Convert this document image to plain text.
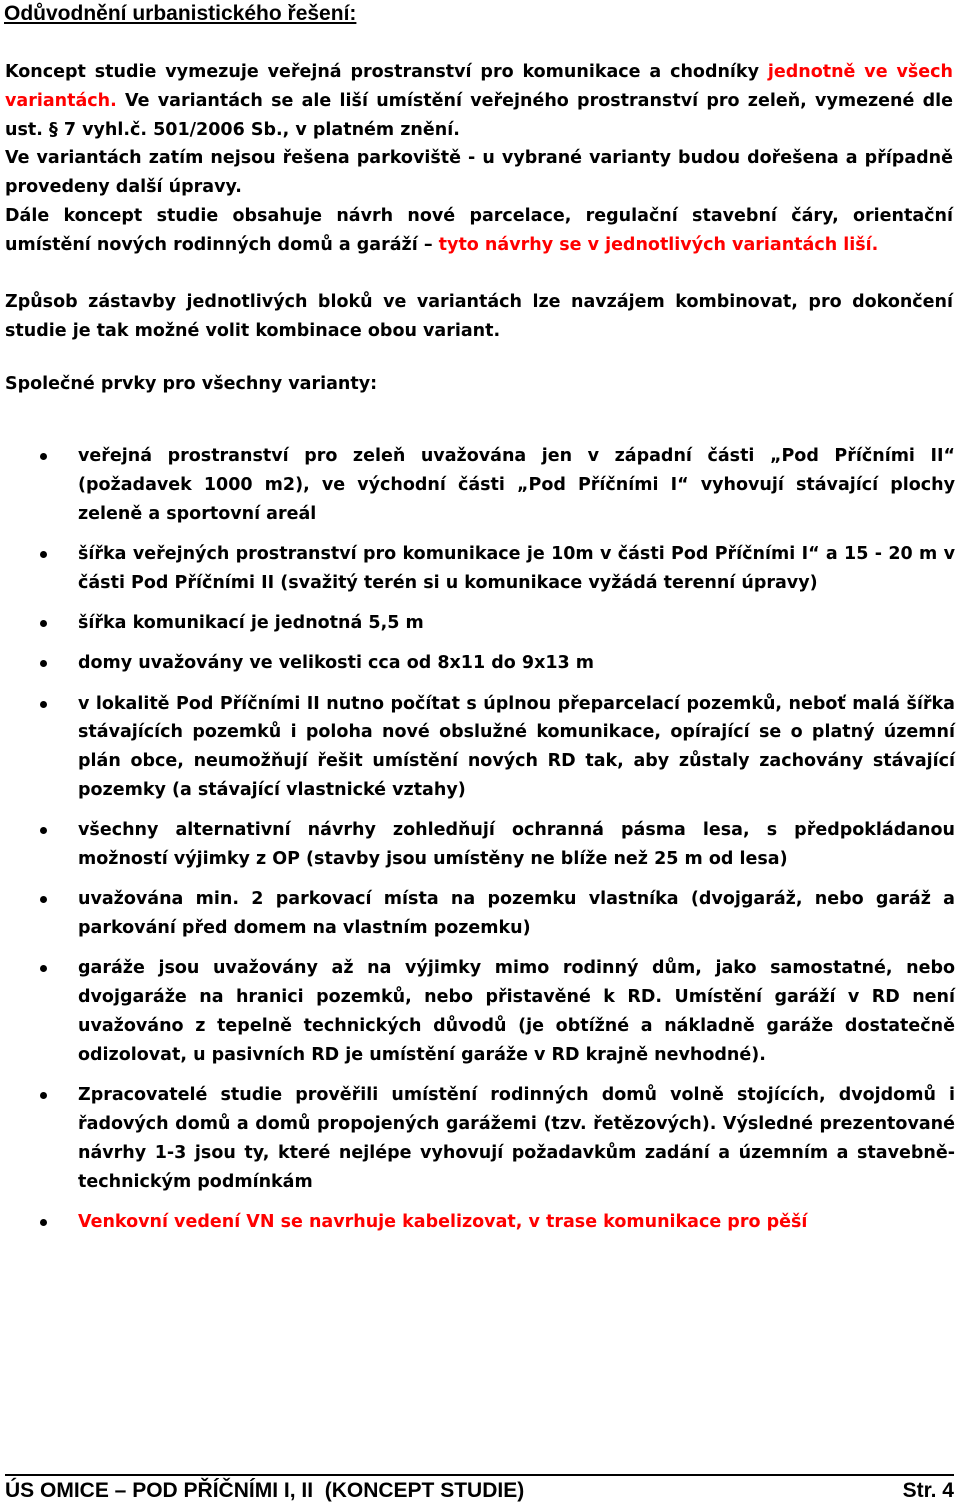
Odůvodnění urbanistického řešení:
Koncept studie vymezuje veřejná prostranství pro komunikace a chodníky jednotně ve všech variantách. Ve variantách se ale liší umístění veřejného prostranství pro zeleň, vymezené dle ust. § 7 vyhl.č. 501/2006 Sb., v platném znění.
Ve variantách zatím nejsou řešena parkoviště - u vybrané varianty budou dořešena a případně provedeny další úpravy.
Dále koncept studie obsahuje návrh nové parcelace, regulační stavební čáry, orientační umístění nových rodinných domů a garáží – tyto návrhy se v jednotlivých variantách liší.
Způsob zástavby jednotlivých bloků ve variantách lze navzájem kombinovat, pro dokončení studie je tak možné volit kombinace obou variant.
Společné prvky pro všechny varianty:
veřejná prostranství pro zeleň uvažována jen v západní části „Pod Příčními II“ (požadavek 1000 m2), ve východní části „Pod Příčními I“ vyhovují stávající plochy zeleně a sportovní areál
šířka veřejných prostranství pro komunikace je 10m v části Pod Příčními I“ a 15 - 20 m v části Pod Příčními II (svažitý terén si u komunikace vyžádá terenní úpravy)
šířka komunikací je jednotná 5,5 m
domy uvažovány ve velikosti cca od 8x11 do 9x13 m
v lokalitě Pod Příčními II nutno počítat s úplnou přeparcelací pozemků, neboť malá šířka stávajících pozemků i poloha nové obslužné komunikace, opírající se o platný územní plán obce, neumožňují řešit umístění nových RD tak, aby zůstaly zachovány stávající pozemky (a stávající vlastnické vztahy)
všechny alternativní návrhy zohledňují ochranná pásma lesa, s předpokládanou možností výjimky z OP (stavby jsou umístěny ne blíže než 25 m od lesa)
uvažována min. 2 parkovací místa na pozemku vlastníka (dvojgaráž, nebo garáž a parkování před domem na vlastním pozemku)
garáže jsou uvažovány až na výjimky mimo rodinný dům, jako samostatné, nebo dvojgaráže na hranici pozemků, nebo přistavěné k RD. Umístění garáží v RD není uvažováno z tepelně technických důvodů (je obtížné a nákladně garáže dostatečně odizolovat, u pasivních RD je umístění garáže v RD krajně nevhodné).
Zpracovatelé studie prověřili umístění rodinných domů volně stojících, dvojdomů i řadových domů a domů propojených garážemi (tzv. řetězových). Výsledné prezentované návrhy 1-3 jsou ty, které nejlépe vyhovují požadavkům zadání a územním a stavebně-technickým podmínkám
Venkovní vedení VN se navrhuje kabelizovat, v trase komunikace pro pěší
ÚS OMICE – POD PŘÍČNÍMI I, II  (KONCEPT STUDIE)	Str. 4
